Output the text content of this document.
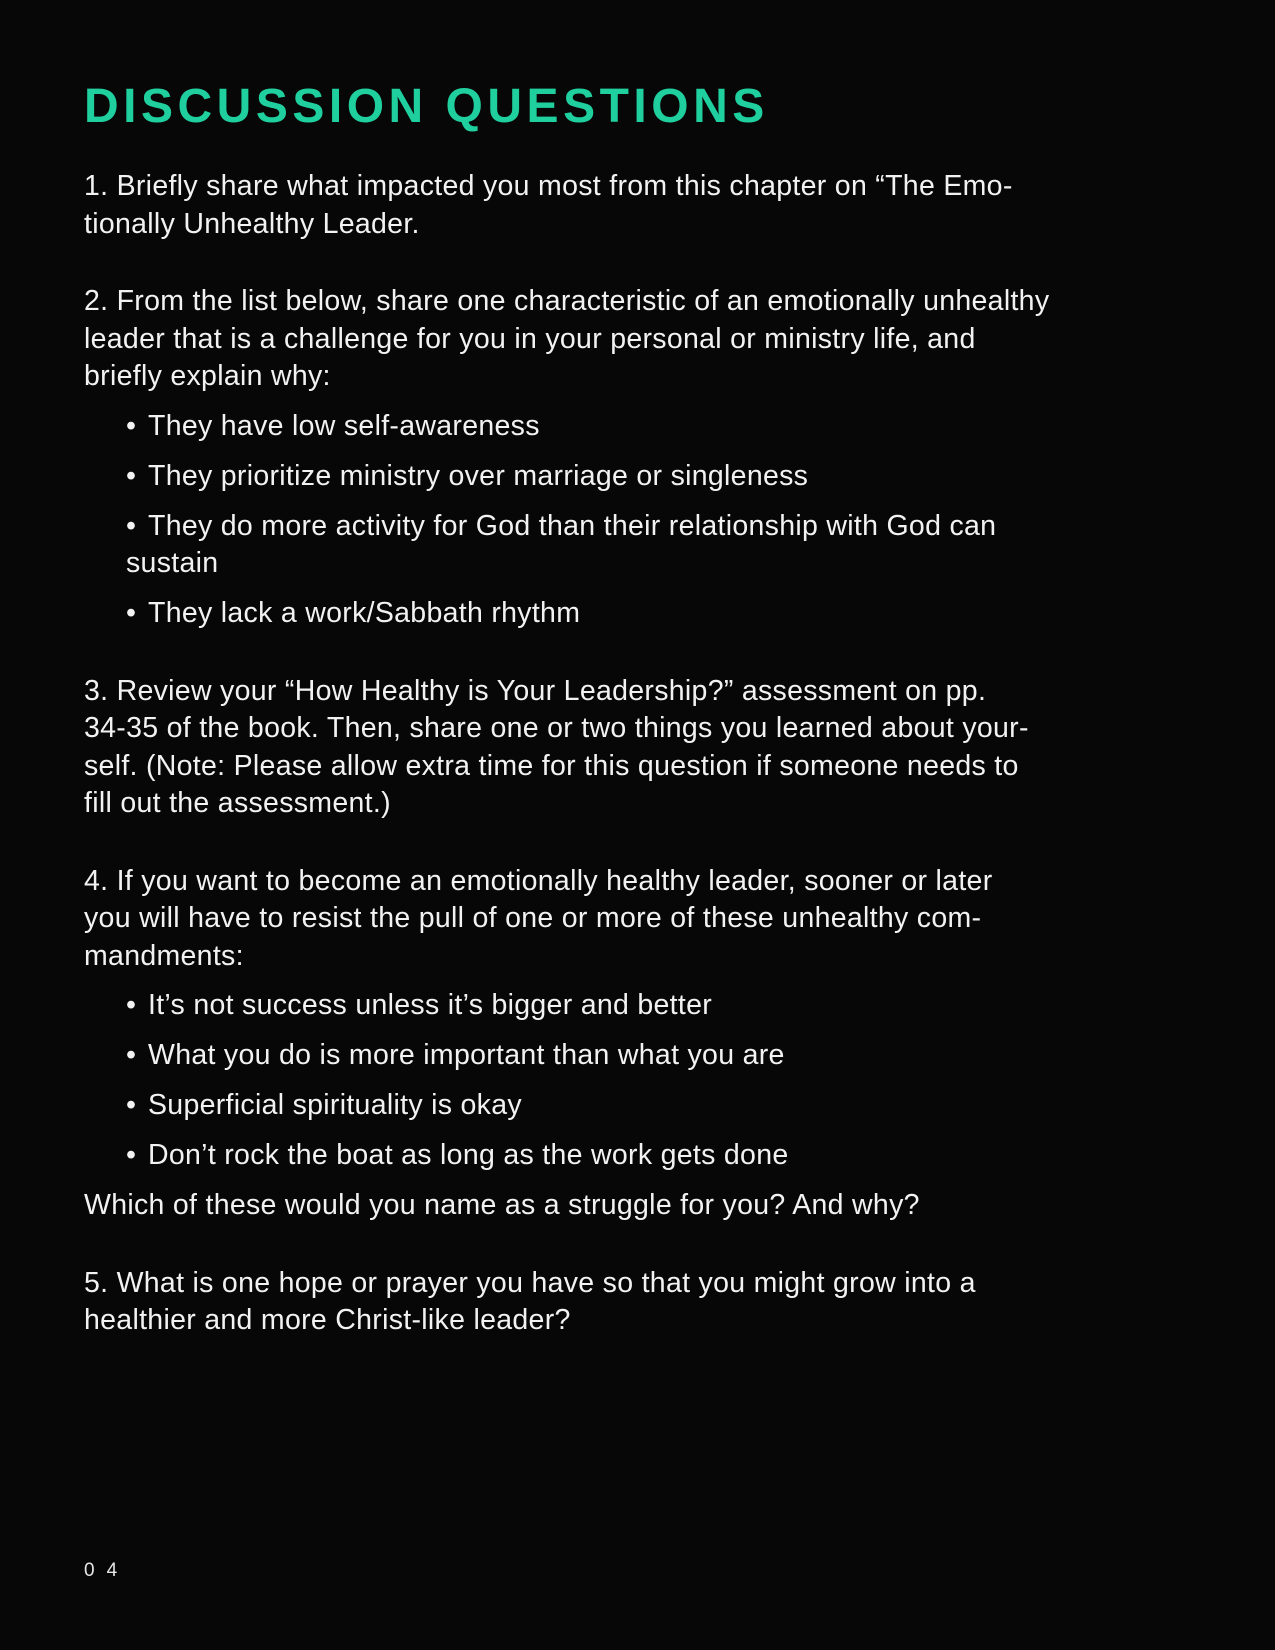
DISCUSSION QUESTIONS

1. Briefly share what impacted you most from this chapter on “The Emo-
tionally Unhealthy Leader.

2. From the list below, share one characteristic of an emotionally unhealthy
leader that is a challenge for you in your personal or ministry life, and
briefly explain why:

• They have low self-awareness
• They prioritize ministry over marriage or singleness
• They do more activity for God than their relationship with God can
sustain
• They lack a work/Sabbath rhythm

3. Review your “How Healthy is Your Leadership?” assessment on pp.
34-35 of the book. Then, share one or two things you learned about your-
self. (Note: Please allow extra time for this question if someone needs to
fill out the assessment.)

4. If you want to become an emotionally healthy leader, sooner or later
you will have to resist the pull of one or more of these unhealthy com-
mandments:

• It’s not success unless it’s bigger and better
• What you do is more important than what you are
• Superficial spirituality is okay
• Don’t rock the boat as long as the work gets done

Which of these would you name as a struggle for you? And why?

5. What is one hope or prayer you have so that you might grow into a
healthier and more Christ-like leader?

04
